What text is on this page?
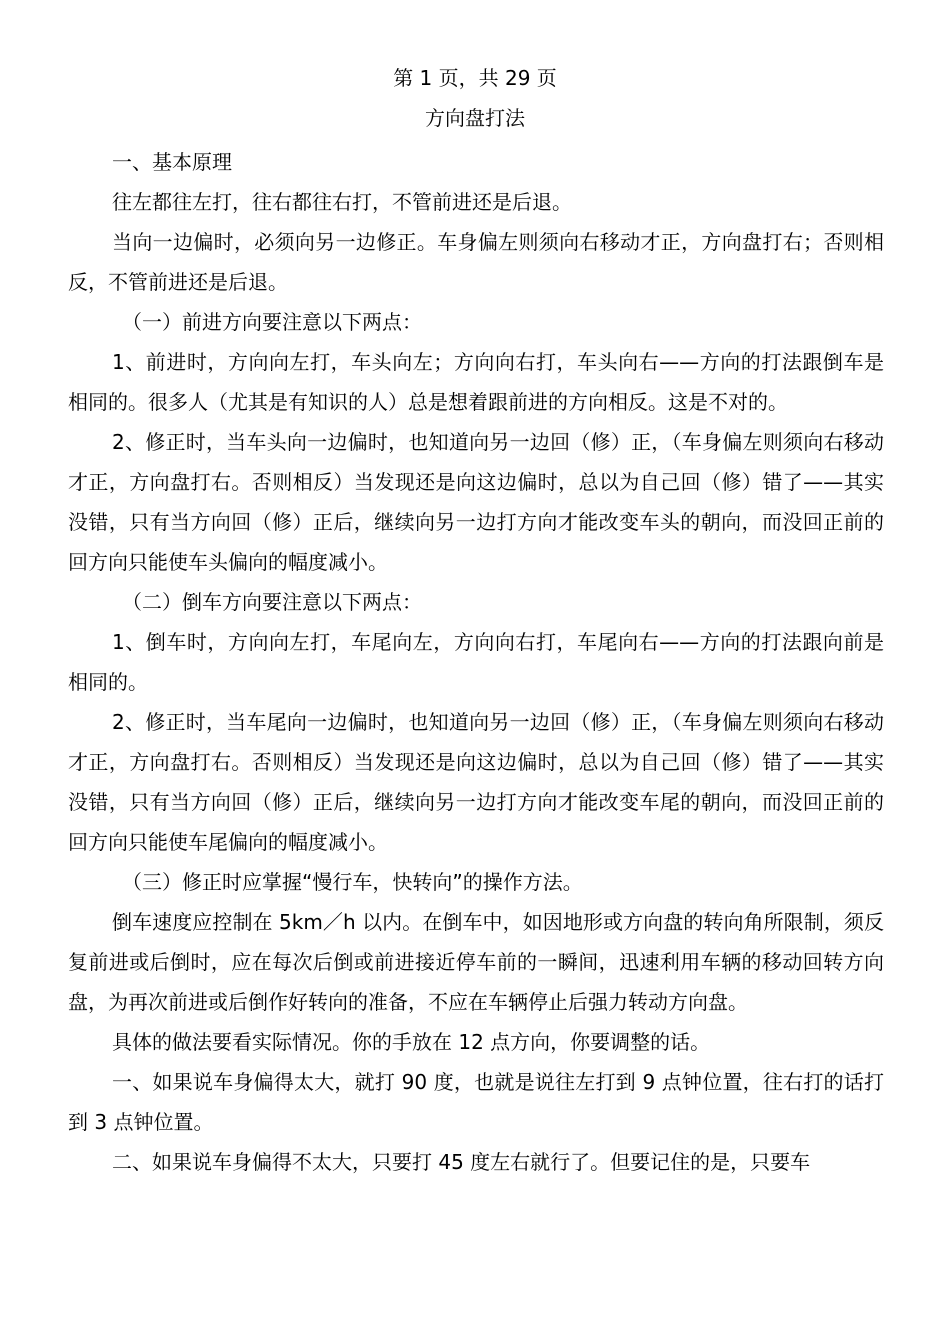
第 1 页，共 29 页
方向盘打法

一、基本原理

往左都往左打，往右都往右打，不管前进还是后退。

当向一边偏时，必须向另一边修正。车身偏左则须向右移动才正，方向盘打右；否则相反，不管前进还是后退。

（一）前进方向要注意以下两点：

1、前进时，方向向左打，车头向左；方向向右打，车头向右——方向的打法跟倒车是相同的。很多人（尤其是有知识的人）总是想着跟前进的方向相反。这是不对的。

2、修正时，当车头向一边偏时，也知道向另一边回（修）正，（车身偏左则须向右移动才正，方向盘打右。否则相反）当发现还是向这边偏时，总以为自己回（修）错了——其实没错，只有当方向回（修）正后，继续向另一边打方向才能改变车头的朝向，而没回正前的回方向只能使车头偏向的幅度减小。

（二）倒车方向要注意以下两点：

1、倒车时，方向向左打，车尾向左，方向向右打，车尾向右——方向的打法跟向前是相同的。

2、修正时，当车尾向一边偏时，也知道向另一边回（修）正，（车身偏左则须向右移动才正，方向盘打右。否则相反）当发现还是向这边偏时，总以为自己回（修）错了——其实没错，只有当方向回（修）正后，继续向另一边打方向才能改变车尾的朝向，而没回正前的回方向只能使车尾偏向的幅度减小。

（三）修正时应掌握“慢行车，快转向”的操作方法。

倒车速度应控制在 5km／h 以内。在倒车中，如因地形或方向盘的转向角所限制，须反复前进或后倒时，应在每次后倒或前进接近停车前的一瞬间，迅速利用车辆的移动回转方向盘，为再次前进或后倒作好转向的准备，不应在车辆停止后强力转动方向盘。

具体的做法要看实际情况。你的手放在 12 点方向，你要调整的话。

一、如果说车身偏得太大，就打 90 度，也就是说往左打到 9 点钟位置，往右打的话打到 3 点钟位置。

二、如果说车身偏得不太大，只要打 45 度左右就行了。但要记住的是，只要车
